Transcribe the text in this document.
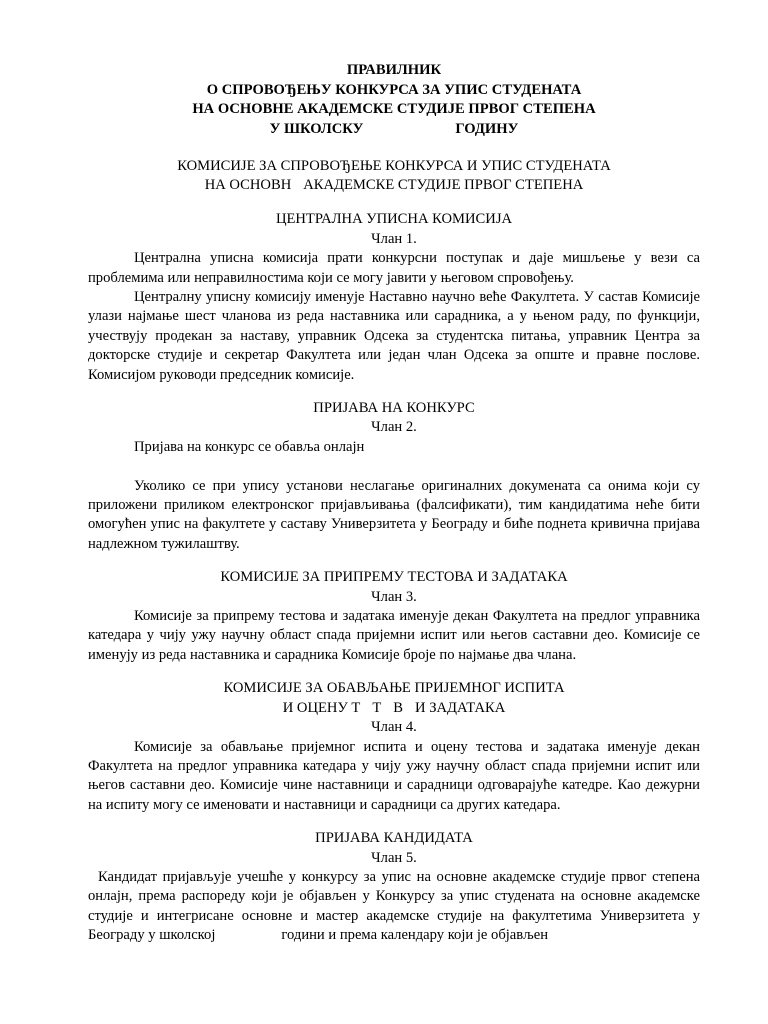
ПРАВИЛНИК
О СПРОВОЂЕЊУ КОНКУРСА ЗА УПИС СТУДЕНАТА
НА ОСНОВНЕ АКАДЕМСКЕ СТУДИЈЕ ПРВОГ СТЕПЕНА
У ШКОЛСКУ	ГОДИНУ
КОМИСИЈЕ ЗА СПРОВОЂЕЊЕ КОНКУРСА И УПИС СТУДЕНАТА
НА ОСНОВН АКАДЕМСКЕ СТУДИЈЕ ПРВОГ СТЕПЕНА
ЦЕНТРАЛНА УПИСНА КОМИСИЈА
Члан 1.

Централна уписна комисија прати конкурсни поступак и даје мишљење у вези са проблемима или неправилностима који се могу јавити у његовом спровођењу.

Централну уписну комисију именује Наставно научно веће Факултета. У састав Комисије улази најмање шест чланова из реда наставника или сарадника, а у њеном раду, по функцији, учествују продекан за наставу, управник Одсека за студентска питања, управник Центра за докторске студије и секретар Факултета или један члан Одсека за опште и правне послове. Комисијом руководи председник комисије.

ПРИЈАВА НА КОНКУРС
Члан 2.

Пријава на конкурс се обавља онлајн

Уколико се при упису установи неслагање оригиналних докумената са онима који су приложени приликом електронског пријављивања (фалсификати), тим кандидатима неће бити омогућен упис на факултете у саставу Универзитета у Београду и биће поднета кривична пријава надлежном тужилаштву.

КОМИСИЈЕ ЗА ПРИПРЕМУ ТЕСТОВА И ЗАДАТАКА
Члан 3.

Комисије за припрему тестова и задатака именује декан Факултета на предлог управника катедара у чију ужу научну област спада пријемни испит или његов саставни део. Комисије се именују из реда наставника и сарадника Комисије броје по најмање два члана.

КОМИСИЈЕ ЗА ОБАВЉАЊЕ ПРИЈЕМНОГ ИСПИТА
И ОЦЕНУ Т Т В И ЗАДАТАКА
Члан 4.

Комисије за обављање пријемног испита и оцену тестова и задатака именује декан Факултета на предлог управника катедара у чију ужу научну област спада пријемни испит или његов саставни део. Комисије чине наставници и сарадници одговарајуће катедре. Као дежурни на испиту могу се именовати и наставници и сарадници са других катедара.

ПРИЈАВА КАНДИДАТА
Члан 5.

Кандидат пријављује учешће у конкурсу за упис на основне академске студије првог степена онлајн, према распореду који је објављен у Конкурсу за упис студената на основне академске студије и интегрисане основне и мастер академске студије на факултетима Универзитета у Београду у школској	години и према календару који је објављен
